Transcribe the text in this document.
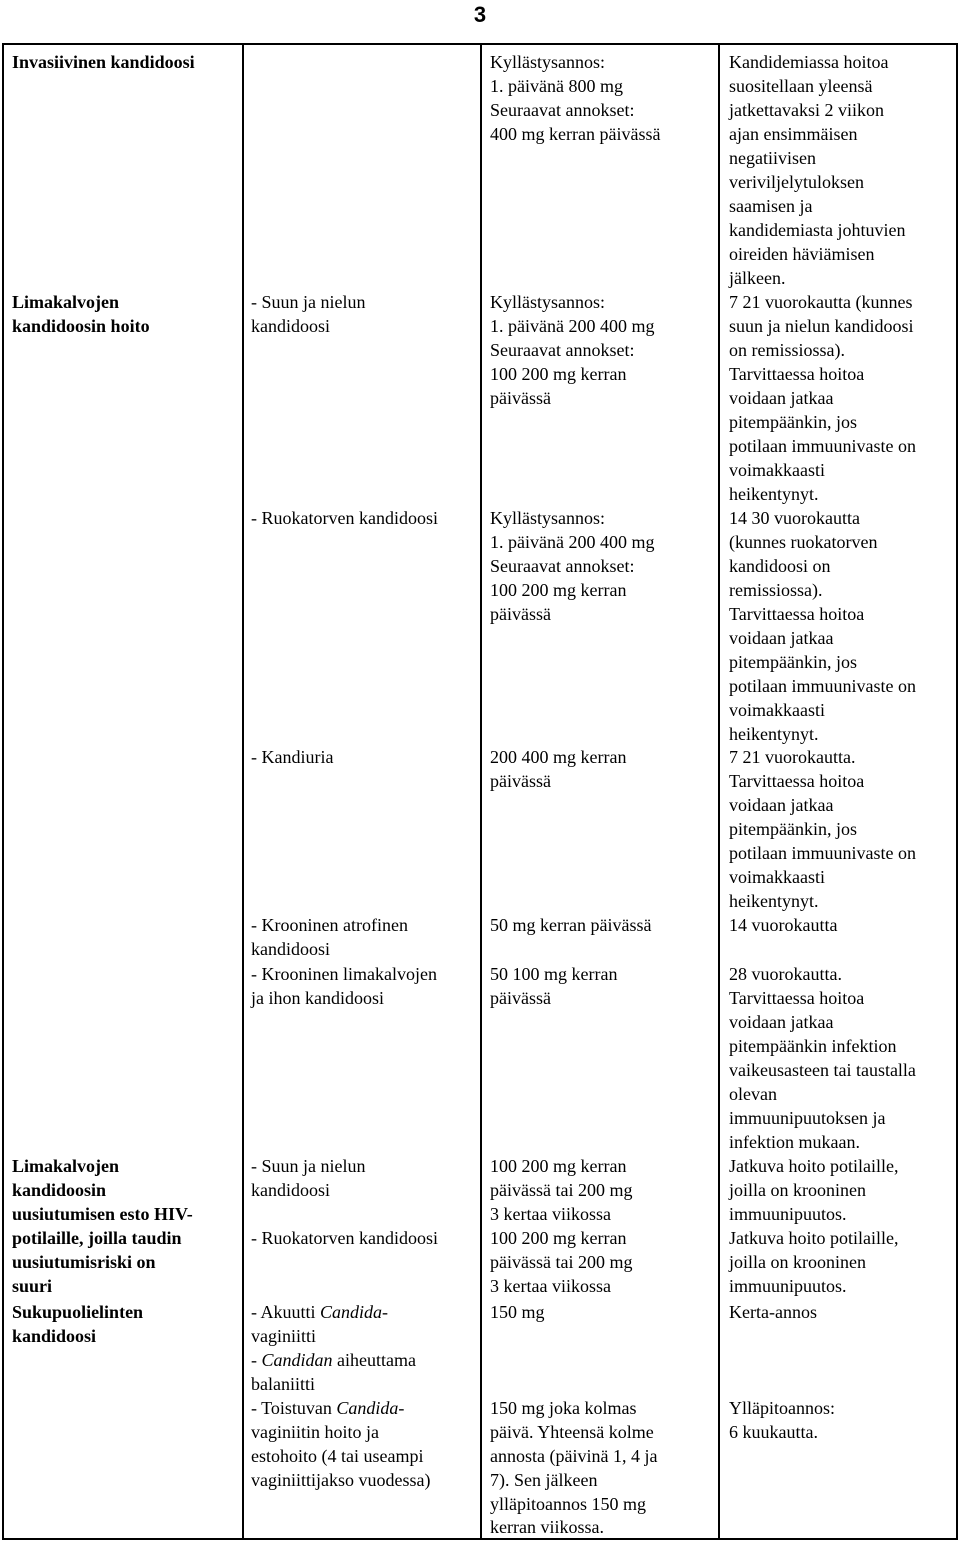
3
Invasiivinen kandidoosi
Limakalvojen
kandidoosin hoito
Limakalvojen
kandidoosin
uusiutumisen esto HIV-
potilaille, joilla taudin
uusiutumisriski on
suuri
Sukupuolielinten
kandidoosi
- Suun ja nielun
kandidoosi
- Ruokatorven kandidoosi
- Kandiuria
- Krooninen atrofinen
kandidoosi
- Krooninen limakalvojen
ja ihon kandidoosi
- Suun ja nielun
kandidoosi
- Ruokatorven kandidoosi
- Akuutti Candida-
vaginiitti
- Candidan aiheuttama
balaniitti
- Toistuvan Candida-
vaginiitin hoito ja
estohoito (4 tai useampi
vaginiittijakso vuodessa)
Kyllästysannos:
1. päivänä 800 mg
Seuraavat annokset:
400 mg kerran päivässä
Kyllästysannos:
1. päivänä 200 400 mg
Seuraavat annokset:
100 200 mg kerran
päivässä
Kyllästysannos:
1. päivänä 200 400 mg
Seuraavat annokset:
100 200 mg kerran
päivässä
200 400 mg kerran
päivässä
50 mg kerran päivässä
50 100 mg kerran
päivässä
100 200 mg kerran
päivässä tai 200 mg
3 kertaa viikossa
100 200 mg kerran
päivässä tai 200 mg
3 kertaa viikossa
150 mg
150 mg joka kolmas
päivä. Yhteensä kolme
annosta (päivinä 1, 4 ja
7). Sen jälkeen
ylläpitoannos 150 mg
kerran viikossa.
Kandidemiassa hoitoa
suositellaan yleensä
jatkettavaksi 2 viikon
ajan ensimmäisen
negatiivisen
veriviljelytuloksen
saamisen ja
kandidemiasta johtuvien
oireiden häviämisen
jälkeen.
7 21 vuorokautta (kunnes
suun ja nielun kandidoosi
on remissiossa).
Tarvittaessa hoitoa
voidaan jatkaa
pitempäänkin, jos
potilaan immuunivaste on
voimakkaasti
heikentynyt.
14 30 vuorokautta
(kunnes ruokatorven
kandidoosi on
remissiossa).
Tarvittaessa hoitoa
voidaan jatkaa
pitempäänkin, jos
potilaan immuunivaste on
voimakkaasti
heikentynyt.
7 21 vuorokautta.
Tarvittaessa hoitoa
voidaan jatkaa
pitempäänkin, jos
potilaan immuunivaste on
voimakkaasti
heikentynyt.
14 vuorokautta
28 vuorokautta.
Tarvittaessa hoitoa
voidaan jatkaa
pitempäänkin infektion
vaikeusasteen tai taustalla
olevan
immuunipuutoksen ja
infektion mukaan.
Jatkuva hoito potilaille,
joilla on krooninen
immuunipuutos.
Jatkuva hoito potilaille,
joilla on krooninen
immuunipuutos.
Kerta-annos
Ylläpitoannos:
6 kuukautta.
